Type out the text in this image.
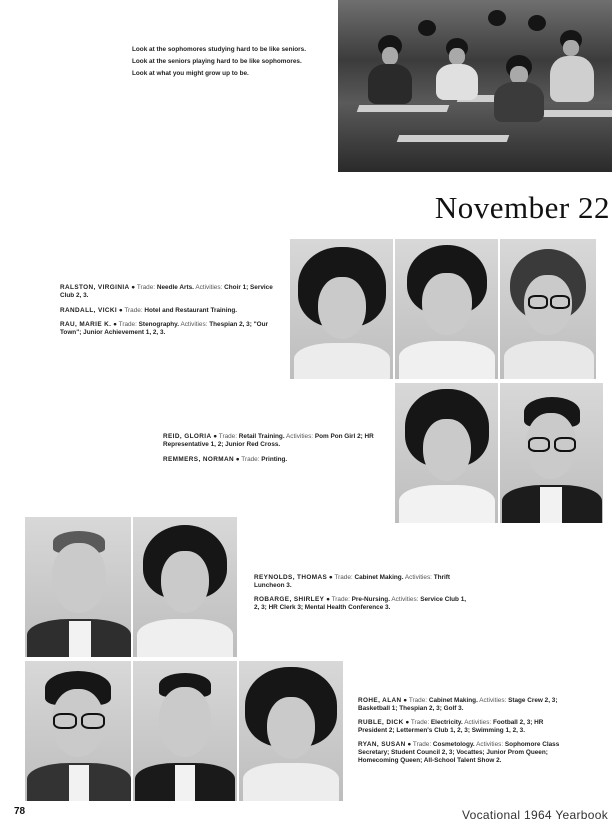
Look at the sophomores studying hard to be like seniors.
Look at the seniors playing hard to be like sophomores.
Look at what you might grow up to be.
November 22
RALSTON, VIRGINIA ● Trade: Needle Arts. Activities: Choir 1; Service Club 2, 3.
RANDALL, VICKI ● Trade: Hotel and Restaurant Training.
RAU, MARIE K. ● Trade: Stenography. Activities: Thespian 2, 3; "Our Town"; Junior Achievement 1, 2, 3.
REID, GLORIA ● Trade: Retail Training. Activities: Pom Pon Girl 2; HR Representative 1, 2; Junior Red Cross.
REMMERS, NORMAN ● Trade: Printing.
REYNOLDS, THOMAS ● Trade: Cabinet Making. Activities: Thrift Luncheon 3.
ROBARGE, SHIRLEY ● Trade: Pre-Nursing. Activities: Service Club 1, 2, 3; HR Clerk 3; Mental Health Conference 3.
ROHE, ALAN ● Trade: Cabinet Making. Activities: Stage Crew 2, 3; Basketball 1; Thespian 2, 3; Golf 3.
RUBLE, DICK ● Trade: Electricity. Activities: Football 2, 3; HR President 2; Lettermen's Club 1, 2, 3; Swimming 1, 2, 3.
RYAN, SUSAN ● Trade: Cosmetology. Activities: Sophomore Class Secretary; Student Council 2, 3; Vocattes; Junior Prom Queen; Homecoming Queen; All-School Talent Show 2.
78	Vocational 1964 Yearbook
